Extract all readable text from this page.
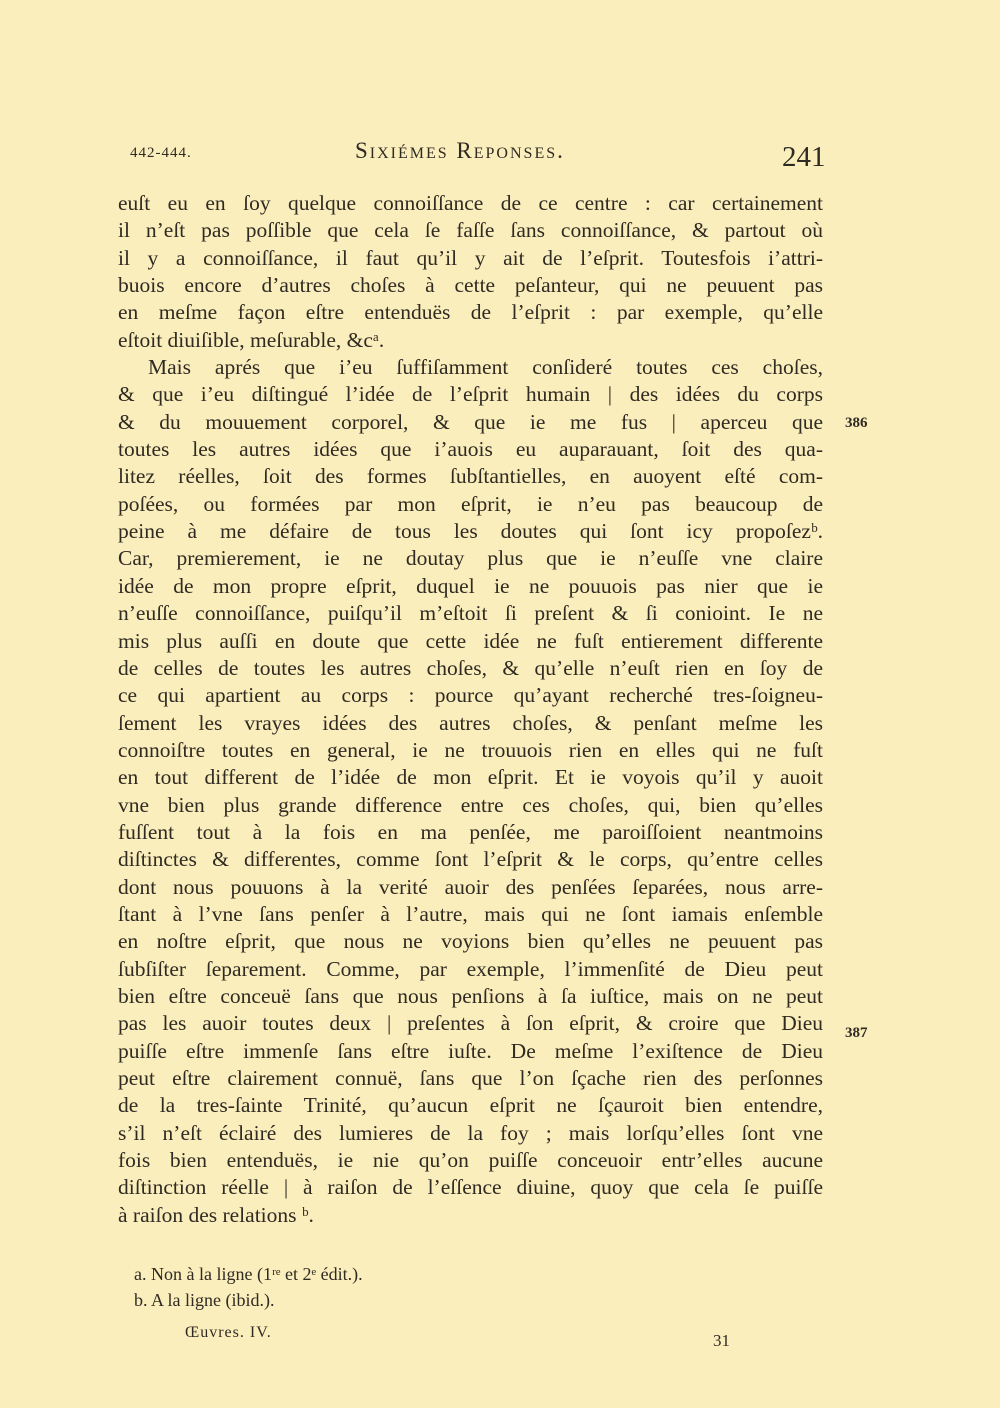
442-444.	Sixiémes Reponses.	241
euſt eu en ſoy quelque connoiſſance de ce centre : car certainement
il n’eſt pas poſſible que cela ſe faſſe ſans connoiſſance, & partout où
il y a connoiſſance, il faut qu’il y ait de l’eſprit. Toutesfois i’attri-
buois encore d’autres choſes à cette peſanteur, qui ne peuuent pas
en meſme façon eſtre entenduës de l’eſprit : par exemple, qu’elle
eſtoit diuiſible, meſurable, &cᵃ.
Mais aprés que i’eu ſuffiſamment conſideré toutes ces choſes,
& que i’eu diſtingué l’idée de l’eſprit humain | des idées du corps
& du mouuement corporel, & que ie me fus | aperceu que
toutes les autres idées que i’auois eu auparauant, ſoit des qua-
litez réelles, ſoit des formes ſubſtantielles, en auoyent eſté com-
poſées, ou formées par mon eſprit, ie n’eu pas beaucoup de
peine à me défaire de tous les doutes qui ſont icy propoſezᵇ.
Car, premierement, ie ne doutay plus que ie n’euſſe vne claire
idée de mon propre eſprit, duquel ie ne pouuois pas nier que ie
n’euſſe connoiſſance, puiſqu’il m’eſtoit ſi preſent & ſi conioint. Ie ne
mis plus auſſi en doute que cette idée ne fuſt entierement differente
de celles de toutes les autres choſes, & qu’elle n’euſt rien en ſoy de
ce qui apartient au corps : pource qu’ayant recherché tres-ſoigneu-
ſement les vrayes idées des autres choſes, & penſant meſme les
connoiſtre toutes en general, ie ne trouuois rien en elles qui ne fuſt
en tout different de l’idée de mon eſprit. Et ie voyois qu’il y auoit
vne bien plus grande difference entre ces choſes, qui, bien qu’elles
fuſſent tout à la fois en ma penſée, me paroiſſoient neantmoins
diſtinctes & differentes, comme ſont l’eſprit & le corps, qu’entre celles
dont nous pouuons à la verité auoir des penſées ſeparées, nous arre-
ſtant à l’vne ſans penſer à l’autre, mais qui ne ſont iamais enſemble
en noſtre eſprit, que nous ne voyions bien qu’elles ne peuuent pas
ſubſiſter ſeparement. Comme, par exemple, l’immenſité de Dieu peut
bien eſtre conceuë ſans que nous penſions à ſa iuſtice, mais on ne peut
pas les auoir toutes deux | preſentes à ſon eſprit, & croire que Dieu
puiſſe eſtre immenſe ſans eſtre iuſte. De meſme l’exiſtence de Dieu
peut eſtre clairement connuë, ſans que l’on ſçache rien des perſonnes
de la tres-ſainte Trinité, qu’aucun eſprit ne ſçauroit bien entendre,
s’il n’eſt éclairé des lumieres de la foy ; mais lorſqu’elles ſont vne
fois bien entenduës, ie nie qu’on puiſſe conceuoir entr’elles aucune
diſtinction réelle | à raiſon de l’eſſence diuine, quoy que cela ſe puiſſe
à raiſon des relations ᵇ.
386
387
a. Non à la ligne (1ʳᵉ et 2ᵉ édit.).
b. A la ligne (ibid.).
Œuvres. IV.	31
